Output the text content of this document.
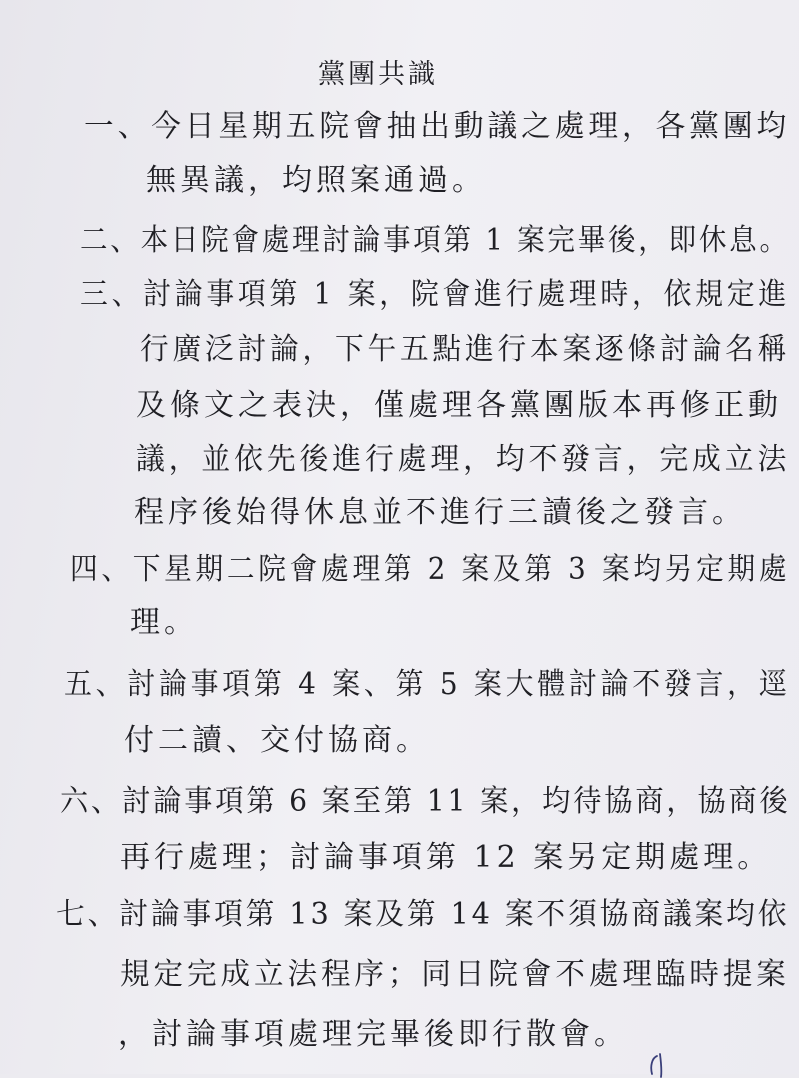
黨團共識
一、今日星期五院會抽出動議之處理，各黨團均
無異議，均照案通過。
二、本日院會處理討論事項第 1 案完畢後，即休息。
三、討論事項第 1 案，院會進行處理時，依規定進
行廣泛討論，下午五點進行本案逐條討論名稱
及條文之表決，僅處理各黨團版本再修正動
議，並依先後進行處理，均不發言，完成立法
程序後始得休息並不進行三讀後之發言。
四、下星期二院會處理第 2 案及第 3 案均另定期處
理。
五、討論事項第 4 案、第 5 案大體討論不發言，逕
付二讀、交付協商。
六、討論事項第 6 案至第 11 案，均待協商，協商後
再行處理；討論事項第 12 案另定期處理。
七、討論事項第 13 案及第 14 案不須協商議案均依
規定完成立法程序；同日院會不處理臨時提案
，討論事項處理完畢後即行散會。
